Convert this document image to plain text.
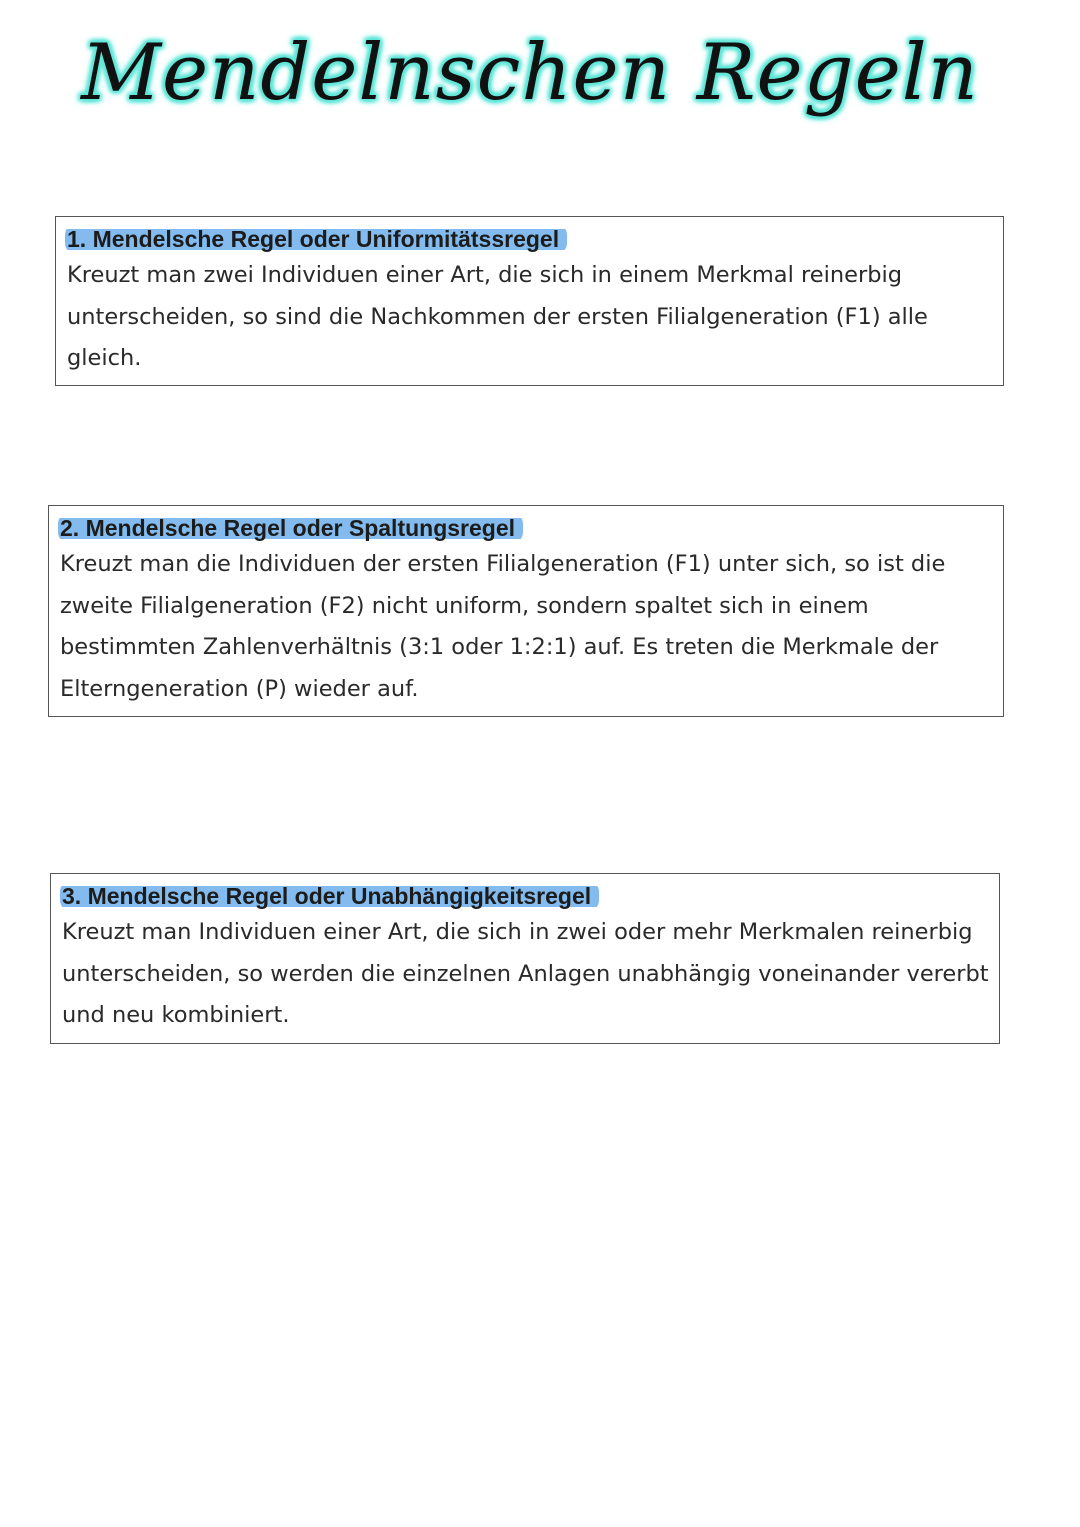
Mendelnschen Regeln
1. Mendelsche Regel oder Uniformitätssregel

Kreuzt man zwei Individuen einer Art, die sich in einem Merkmal reinerbig unterscheiden, so sind die Nachkommen der ersten Filialgeneration (F1) alle gleich.

2. Mendelsche Regel oder Spaltungsregel

Kreuzt man die Individuen der ersten Filialgeneration (F1) unter sich, so ist die zweite Filialgeneration (F2) nicht uniform, sondern spaltet sich in einem bestimmten Zahlenverhältnis (3:1 oder 1:2:1) auf. Es treten die Merkmale der Elterngeneration (P) wieder auf.

3. Mendelsche Regel oder Unabhängigkeitsregel

Kreuzt man Individuen einer Art, die sich in zwei oder mehr Merkmalen reinerbig unterscheiden, so werden die einzelnen Anlagen unabhängig voneinander vererbt und neu kombiniert.
